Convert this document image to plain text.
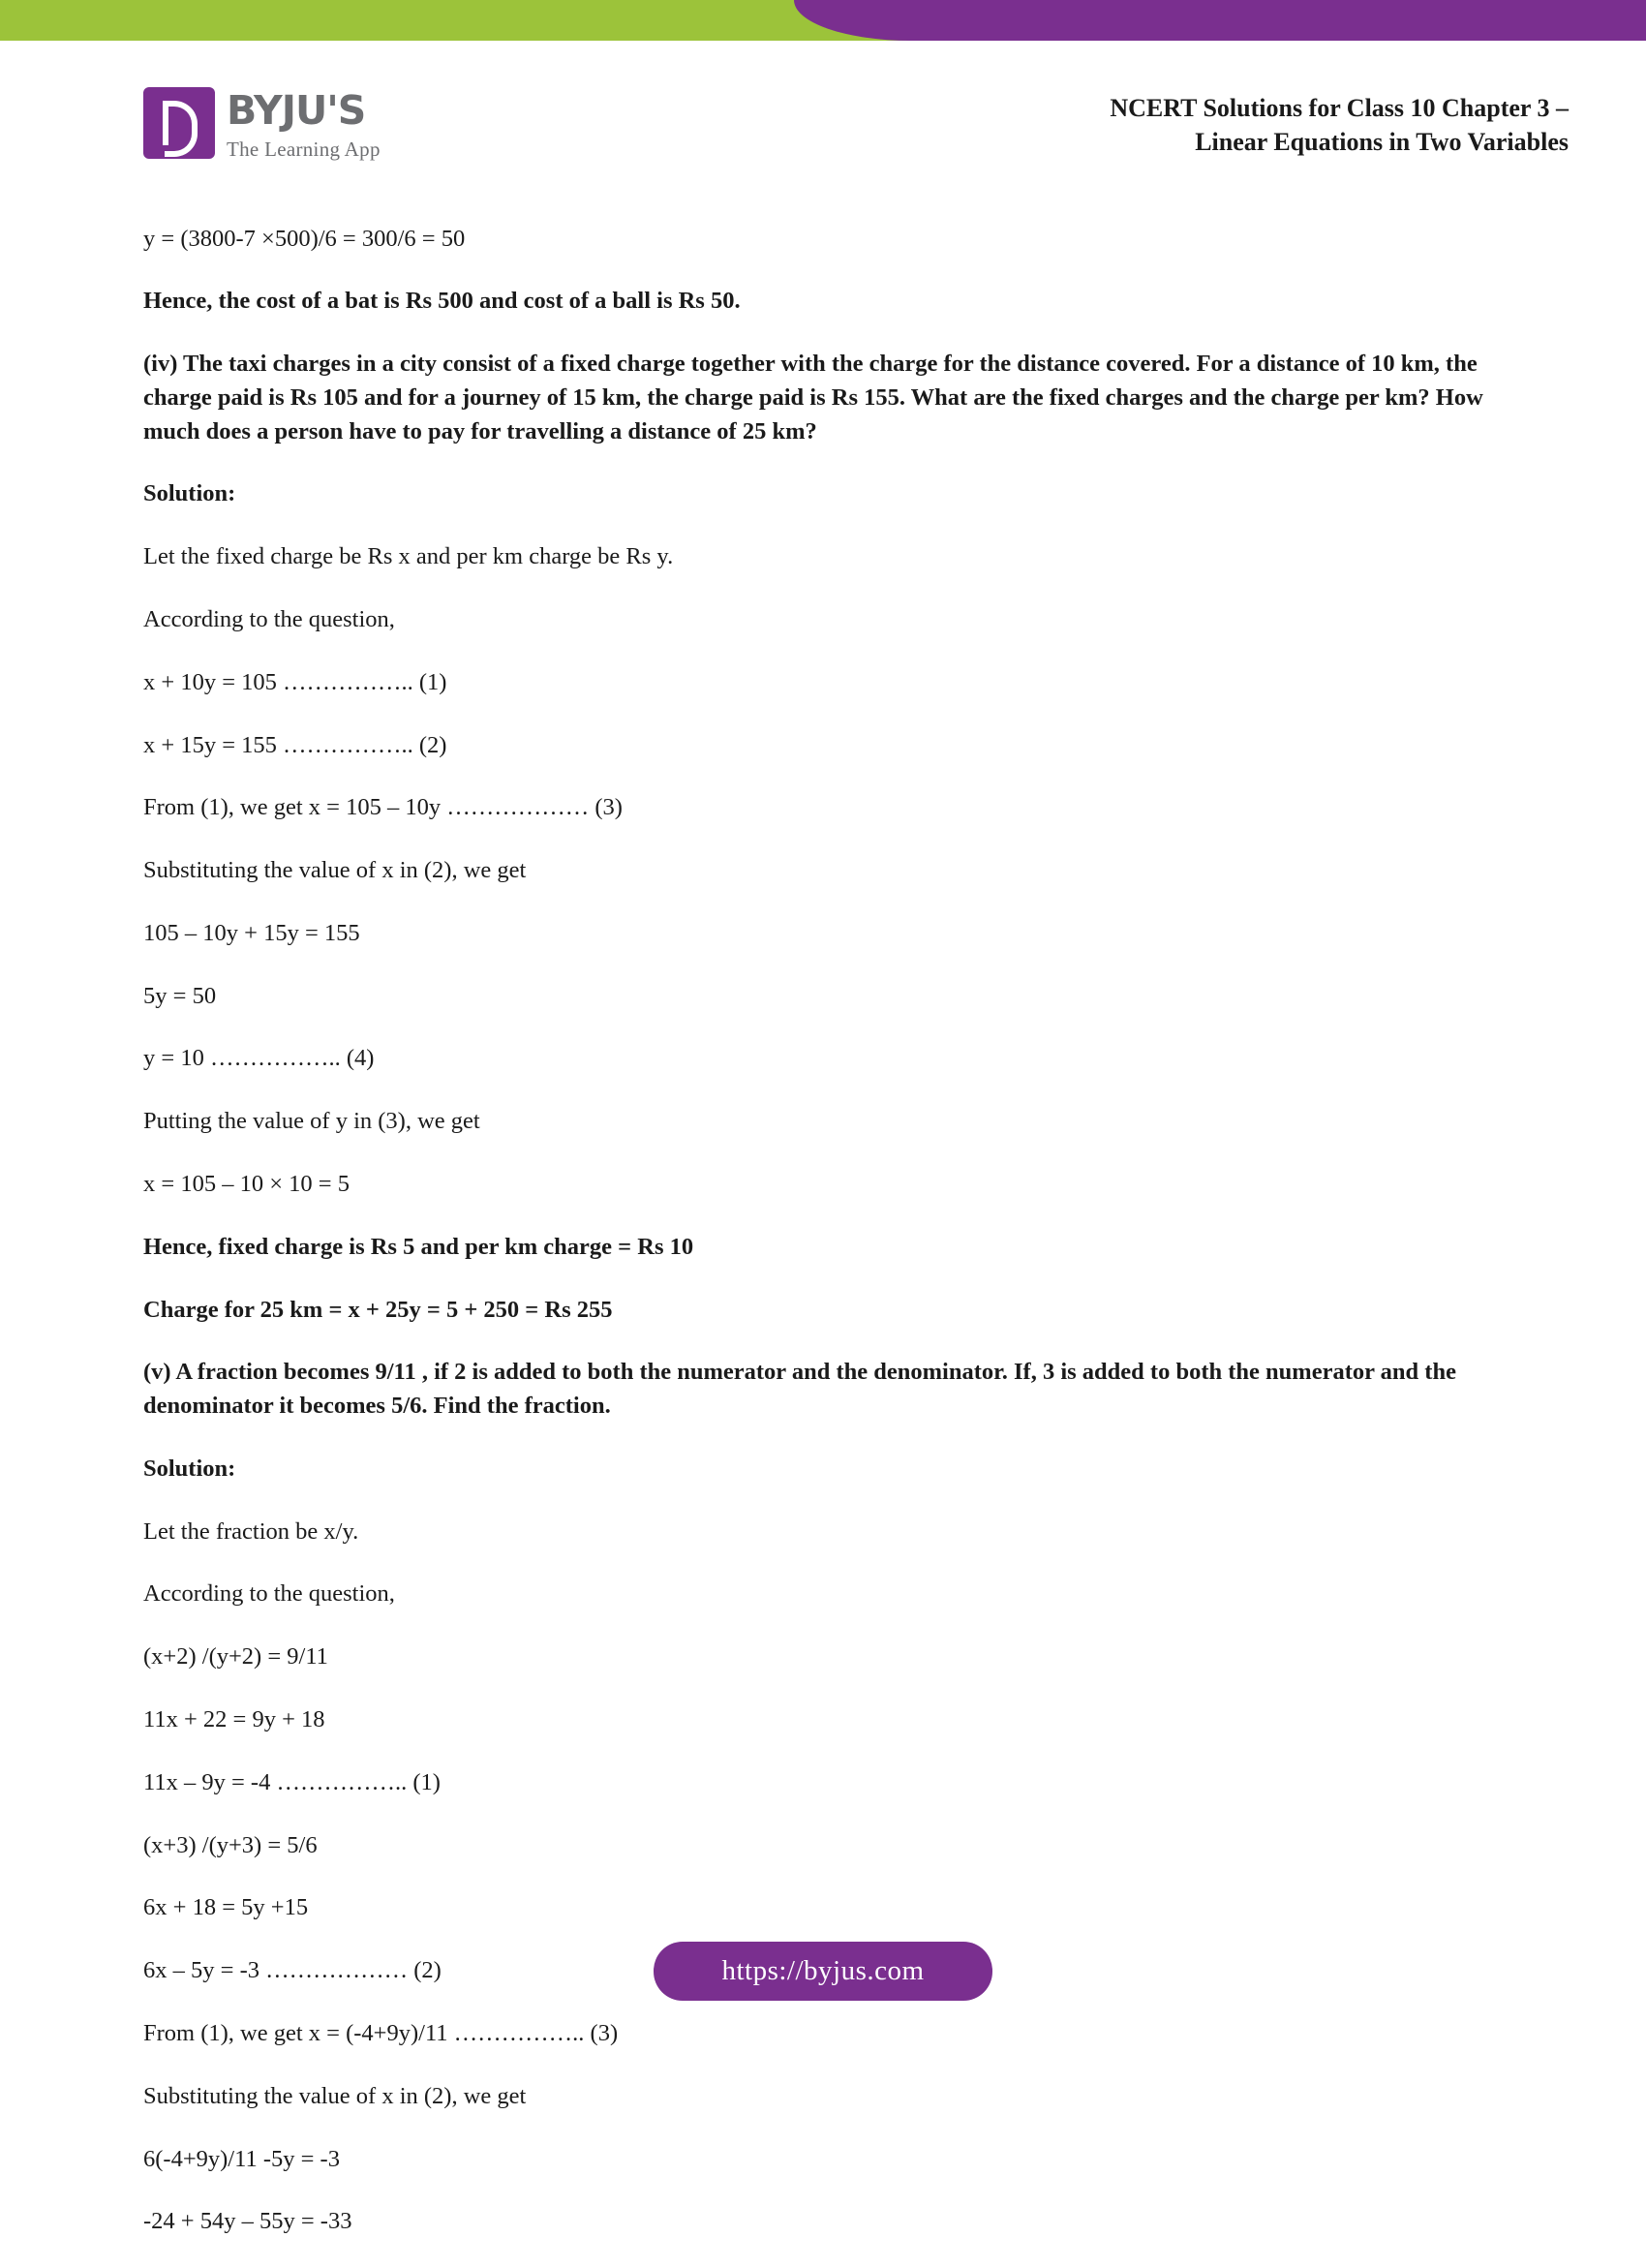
BYJU'S
The Learning App
NCERT Solutions for Class 10 Chapter 3 –
Linear Equations in Two Variables

y = (3800-7 ×500)/6 = 300/6 = 50

Hence, the cost of a bat is Rs 500 and cost of a ball is Rs 50.

(iv) The taxi charges in a city consist of a fixed charge together with the charge for the distance covered. For a distance of 10 km, the charge paid is Rs 105 and for a journey of 15 km, the charge paid is Rs 155. What are the fixed charges and the charge per km? How much does a person have to pay for travelling a distance of 25 km?

Solution:

Let the fixed charge be Rs x and per km charge be Rs y.

According to the question,

x + 10y = 105 …………….. (1)

x + 15y = 155 …………….. (2)

From (1), we get x = 105 – 10y ……………… (3)

Substituting the value of x in (2), we get

105 – 10y + 15y = 155

5y = 50

y = 10 …………….. (4)

Putting the value of y in (3), we get

x = 105 – 10 × 10 = 5

Hence, fixed charge is Rs 5 and per km charge = Rs 10

Charge for 25 km = x + 25y = 5 + 250 = Rs 255

(v) A fraction becomes 9/11 , if 2 is added to both the numerator and the denominator. If, 3 is added to both the numerator and the denominator it becomes 5/6. Find the fraction.

Solution:

Let the fraction be x/y.

According to the question,

(x+2) /(y+2) = 9/11

11x + 22 = 9y + 18

11x – 9y = -4 …………….. (1)

(x+3) /(y+3) = 5/6

6x + 18 = 5y +15

6x – 5y = -3 ……………… (2)

From (1), we get x = (-4+9y)/11 …………….. (3)

Substituting the value of x in (2), we get

6(-4+9y)/11 -5y = -3

-24 + 54y – 55y = -33

https://byjus.com
